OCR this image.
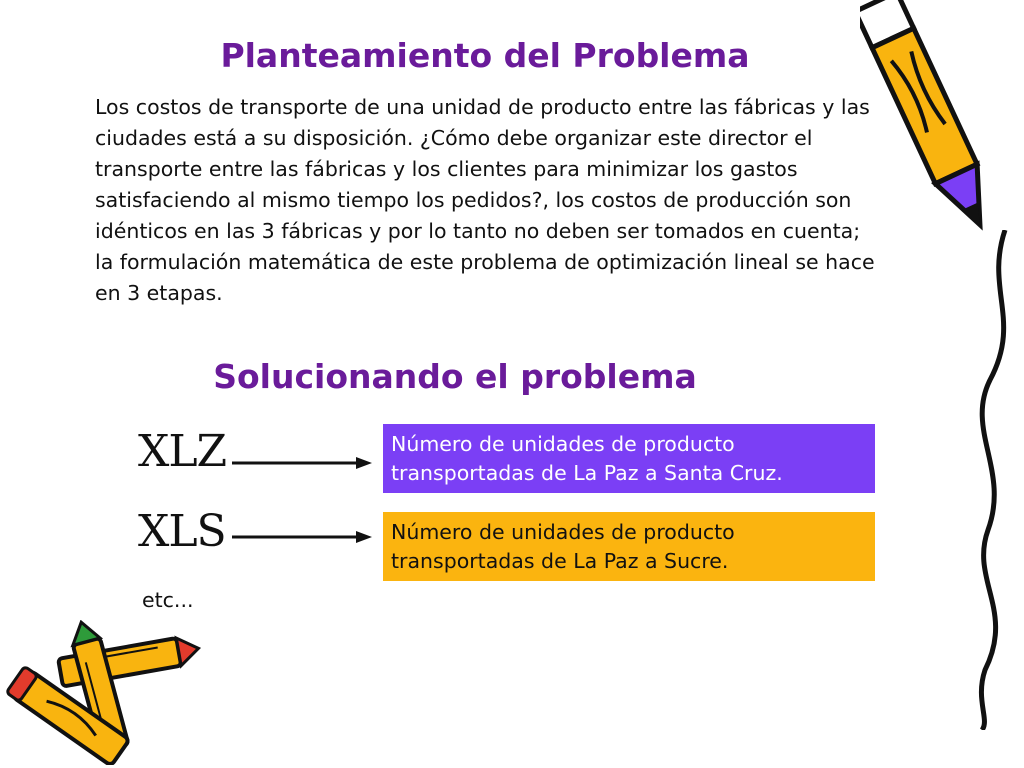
Planteamiento del Problema
Los costos de transporte de una unidad de producto entre las fábricas y las ciudades está a su disposición. ¿Cómo debe organizar este director el transporte entre las fábricas y los clientes para minimizar los gastos satisfaciendo al mismo tiempo los pedidos?, los costos de producción son idénticos en las 3 fábricas y por lo tanto no deben ser tomados en cuenta; la formulación matemática de este problema de optimización lineal se hace en 3 etapas.
Solucionando el problema
XLZ	Número de unidades de producto transportadas de La Paz a Santa Cruz.
XLS	Número de unidades de producto transportadas de La Paz a Sucre.
etc...
